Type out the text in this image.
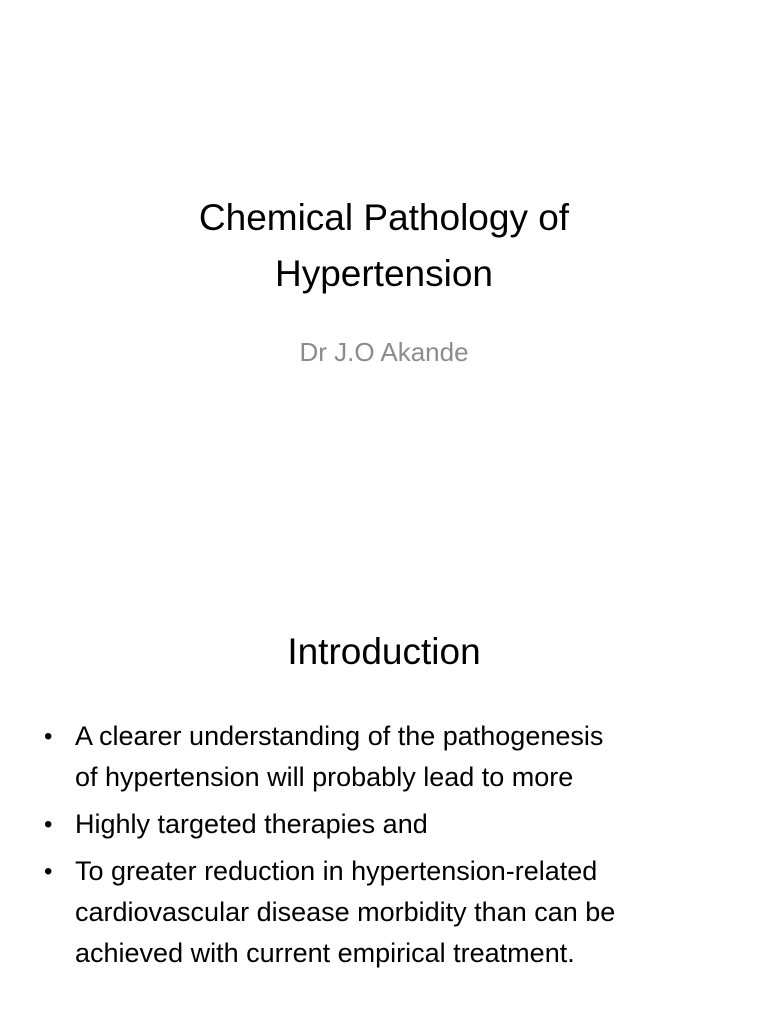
Chemical Pathology of
Hypertension

Dr J.O Akande

Introduction
• A clearer understanding of the pathogenesis
of hypertension will probably lead to more
• Highly targeted therapies and
• To greater reduction in hypertension-related
cardiovascular disease morbidity than can be
achieved with current empirical treatment.
